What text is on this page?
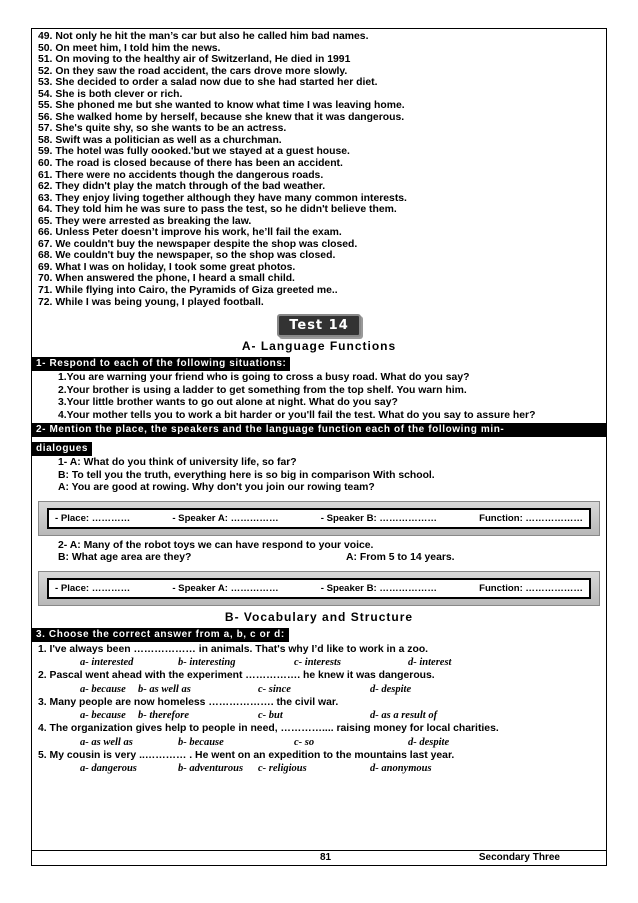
49. Not only he hit the man’s car but also he called him bad names.
50. On meet him, I told him the news.
51. On moving to the healthy air of Switzerland, He died in 1991
52. On they saw the road accident, the cars drove more slowly.
53. She decided to order a salad now due to she had started her diet.
54. She is both clever or rich.
55. She phoned me but she wanted to know what time I was leaving home.
56. She walked home by herself, because she knew that it was dangerous.
57. She's quite shy, so she wants to be an actress.
58. Swift was a politician as well as a churchman.
59. The hotel was fully oooked.'but we stayed at a guest house.
60. The road is closed because of there has been an accident.
61. There were no accidents though the dangerous roads.
62. They didn't play the match through of the bad weather.
63. They enjoy living together although they have many common interests.
64. They told him he was sure to pass the test, so he didn't believe them.
65. They were arrested as breaking the law.
66. Unless Peter doesn’t improve his work, he’ll fail the exam.
67. We couldn't buy the newspaper despite the shop was closed.
68. We couldn't buy the newspaper, so the shop was closed.
69. What I was on holiday, I took some great photos.
70. When answered the phone, I heard a small child.
71. While flying into Cairo, the Pyramids of Giza greeted me..
72. While I was being young, I played football.
Test 14
A- Language Functions
1- Respond to each of the following situations:
1.You are warning your friend who is going to cross a busy road. What do you say?
2.Your brother is using a ladder to get something from the top shelf. You warn him.
3.Your little brother wants to go out alone at night. What do you say?
4.Your mother tells you to work a bit harder or you'll fail the test. What do you say to assure her?
2- Mention the place, the speakers and the language function each of the following min-
dialogues
1- A: What do you think of university life, so far?
B: To tell you the truth, everything here is so big in comparison With school.
A: You are good at rowing. Why don't you join our rowing team?
- Place: …………	- Speaker A: ……………	- Speaker B: ………………	Function: ………………
2- A: Many of the robot toys we can have respond to your voice.
B: What age area are they?	A: From 5 to 14 years.
- Place: …………	- Speaker A: ……………	- Speaker B: ………………	Function: ………………
B- Vocabulary and Structure
3. Choose the correct answer from a, b, c or d:
1. I've always been ……………… in animals. That's why I’d like to work in a zoo.
a- interested	b- interesting	c- interests	d- interest
2. Pascal went ahead with the experiment ……………. he knew it was dangerous.
a- because b- as well as	c- since	d- despite
3. Many people are now homeless ………………. the civil war.
a- because b- therefore	c- but	d- as a result of
4. The organization gives help to people in need, ………….... raising money for local charities.
a- as well as	b- because	c- so	d- despite
5. My cousin is very ..………… . He went on an expedition to the mountains last year.
a- dangerous	b- adventurous c- religious	d- anonymous
81	Secondary Three
